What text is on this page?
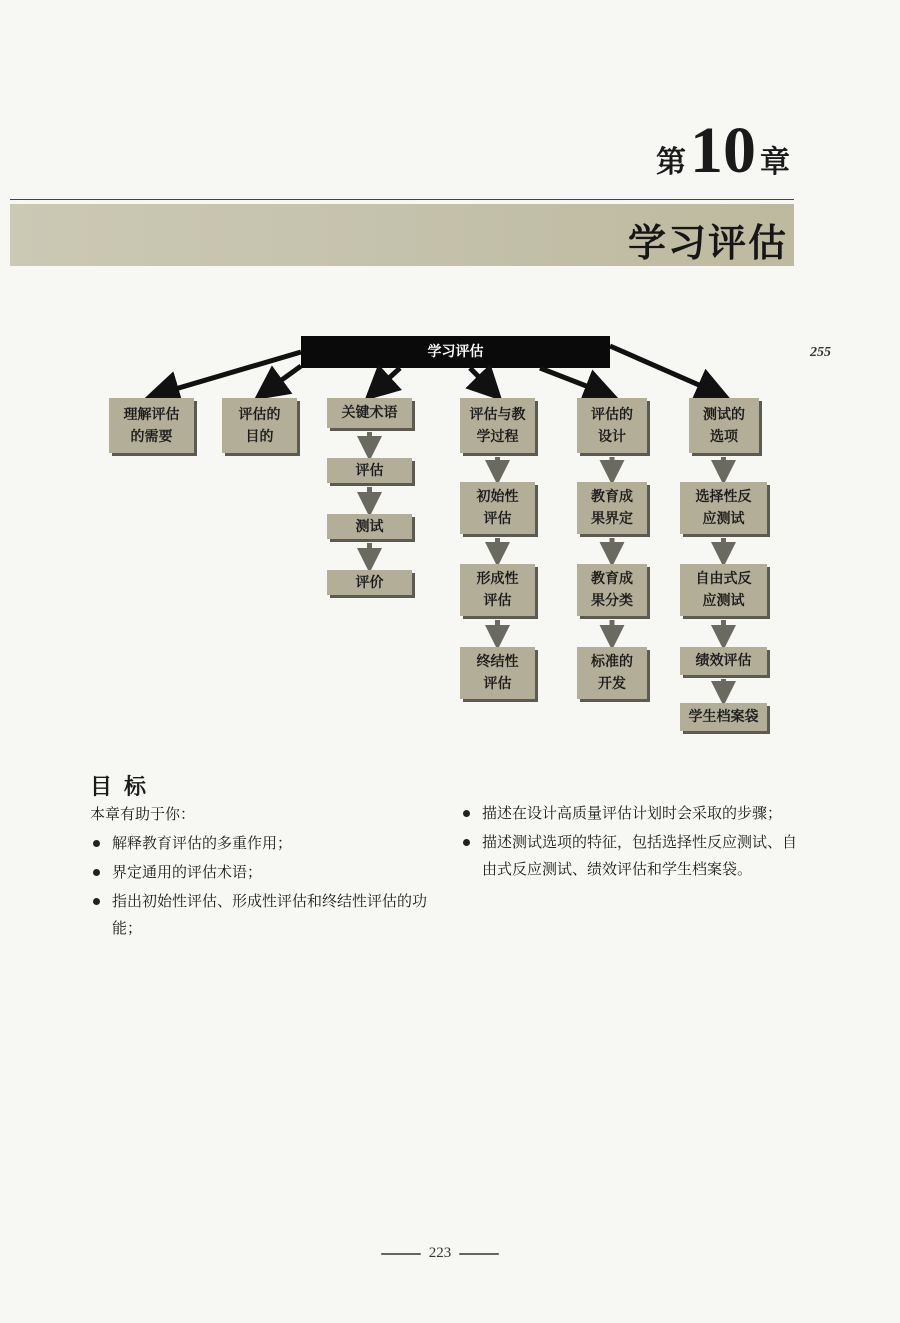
第10 章
学习评估
255
学习评估
理解评估
的需要
评估的
目的
关键术语
评估
测试
评价
评估与教
学过程
初始性
评估
形成性
评估
终结性
评估
评估的
设计
教育成
果界定
教育成
果分类
标准的
开发
测试的
选项
选择性反
应测试
自由式反
应测试
绩效评估
学生档案袋
目标
本章有助于你：
解释教育评估的多重作用；
界定通用的评估术语；
指出初始性评估、形成性评估和终结性评估的功能；
描述在设计高质量评估计划时会采取的步骤；
描述测试选项的特征，包括选择性反应测试、自由式反应测试、绩效评估和学生档案袋。
223
